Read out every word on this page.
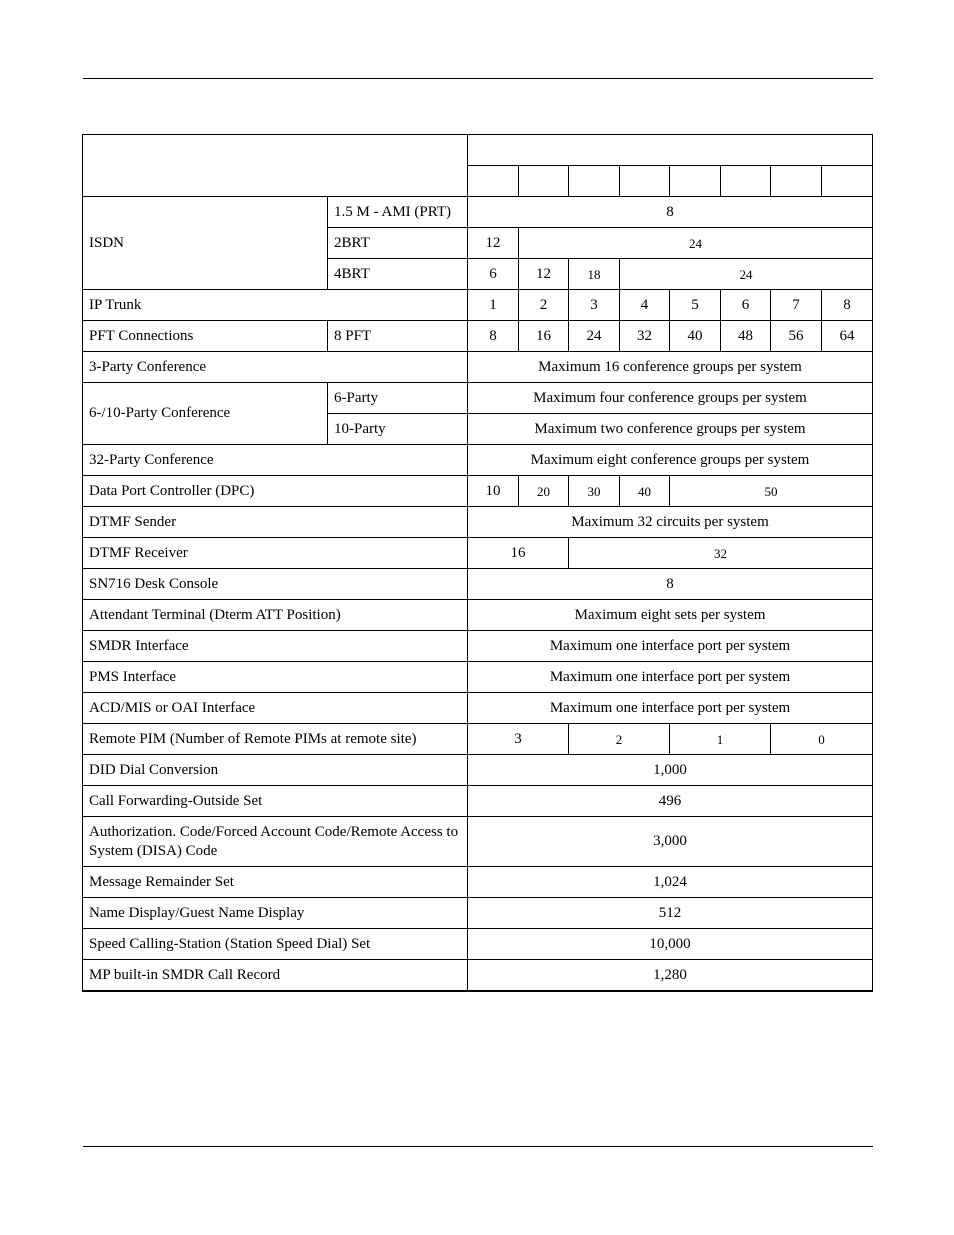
ISDN	1.5 M - AMI (PRT)	8							
	2BRT	12	24						
	4BRT	6	12	18	24				
IP Trunk		1	2	3	4	5	6	7	8
PFT Connections	8 PFT	8	16	24	32	40	48	56	64
3-Party Conference		Maximum 16 conference groups per system							
6-/10-Party Conference	6-Party	Maximum four conference groups per system							
	10-Party	Maximum two conference groups per system							
32-Party Conference		Maximum eight conference groups per system							
Data Port Controller (DPC)		10	20	30	40	50			
DTMF Sender		Maximum 32 circuits per system							
DTMF Receiver		16		32					
SN716 Desk Console		8							
Attendant Terminal (Dterm ATT Position)		Maximum eight sets per system							
SMDR Interface		Maximum one interface port per system							
PMS Interface		Maximum one interface port per system							
ACD/MIS or OAI Interface		Maximum one interface port per system							
Remote PIM (Number of Remote PIMs at remote site)		3		2		1		0	
DID Dial Conversion		1,000							
Call Forwarding-Outside Set		496							
Authorization. Code/Forced Account Code/Remote Access to System (DISA) Code		3,000							
Message Remainder Set		1,024							
Name Display/Guest Name Display		512							
Speed Calling-Station (Station Speed Dial) Set		10,000							
MP built-in SMDR Call Record		1,280							
